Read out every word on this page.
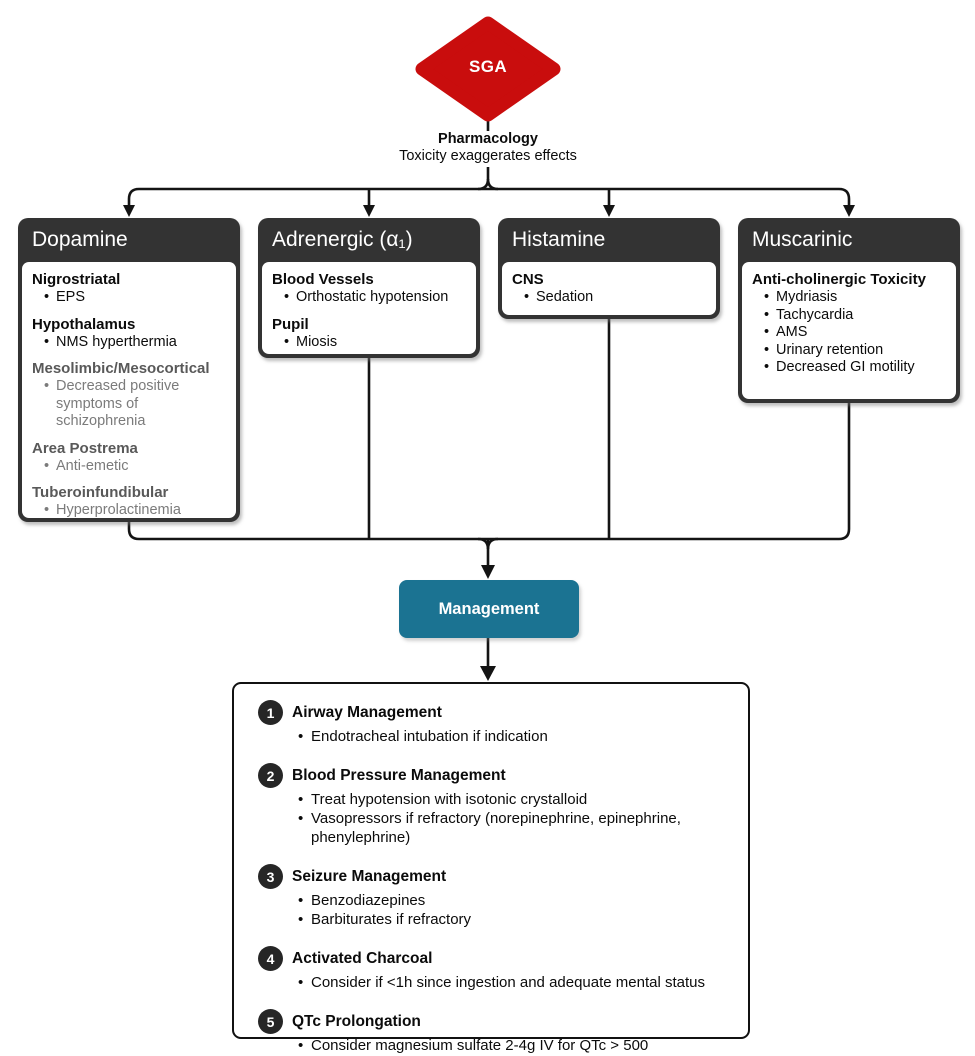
SGA
Pharmacology
Toxicity exaggerates effects
Dopamine
Nigrostriatal
• EPS
Hypothalamus
• NMS hyperthermia
Mesolimbic/Mesocortical
• Decreased positive symptoms of schizophrenia
Area Postrema
• Anti-emetic
Tuberoinfundibular
• Hyperprolactinemia
Adrenergic (α₁)
Blood Vessels
• Orthostatic hypotension
Pupil
• Miosis
Histamine
CNS
• Sedation
Muscarinic
Anti-cholinergic Toxicity
• Mydriasis
• Tachycardia
• AMS
• Urinary retention
• Decreased GI motility
Management
1	Airway Management
• Endotracheal intubation if indication
2	Blood Pressure Management
• Treat hypotension with isotonic crystalloid
• Vasopressors if refractory (norepinephrine, epinephrine, phenylephrine)
3	Seizure Management
• Benzodiazepines
• Barbiturates if refractory
4	Activated Charcoal
• Consider if <1h since ingestion and adequate mental status
5	QTc Prolongation
• Consider magnesium sulfate 2-4g IV for QTc > 500
